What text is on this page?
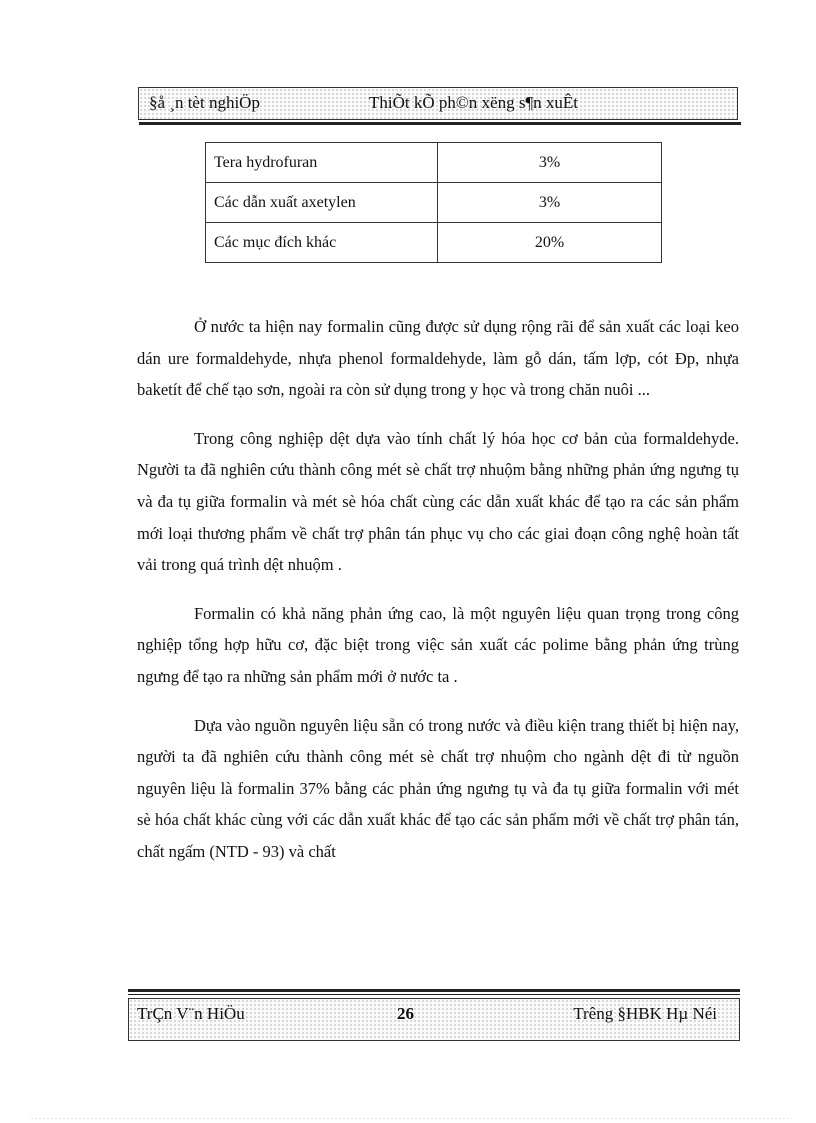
§å ¸n tèt nghiÖp	ThiÕt kÕ ph©n xëng s¶n xuÊt
Tera hydrofuran	3%
Các dẫn xuất axetylen	3%
Các mục đích khác	20%

Ở nước ta hiện nay formalin cũng được sử dụng rộng rãi để sản xuất các loại keo dán ure formaldehyde, nhựa phenol formaldehyde, làm gỗ dán, tấm lợp, cót Ðp, nhựa baketít để chế tạo sơn, ngoài ra còn sử dụng trong y học và trong chăn nuôi ...

Trong công nghiệp dệt dựa vào tính chất lý hóa học cơ bản của formaldehyde. Người ta đã nghiên cứu thành công mét sè chất trợ nhuộm bằng những phản ứng ngưng tụ và đa tụ giữa formalin và mét sè hóa chất cùng các dẫn xuất khác để tạo ra các sản phẩm mới loại thương phẩm về chất trợ phân tán phục vụ cho các giai đoạn công nghệ hoàn tất vải trong quá trình dệt nhuộm .

Formalin có khả năng phản ứng cao, là một nguyên liệu quan trọng trong công nghiệp tổng hợp hữu cơ, đặc biệt trong việc sản xuất các polime bằng phản ứng trùng ngưng để tạo ra những sản phẩm mới ở nước ta .

Dựa vào nguồn nguyên liệu sẵn có trong nước và điều kiện trang thiết bị hiện nay, người ta đã nghiên cứu thành công mét sè chất trợ nhuộm cho ngành dệt đi từ nguồn nguyên liệu là formalin 37% bằng các phản ứng ngưng tụ và đa tụ giữa formalin với mét sè hóa chất khác cùng với các dẫn xuất khác để tạo các sản phẩm mới về chất trợ phân tán, chất ngấm (NTD - 93) và chất

TrÇn V¨n HiÖu	26	Trêng §HBK Hµ Néi
